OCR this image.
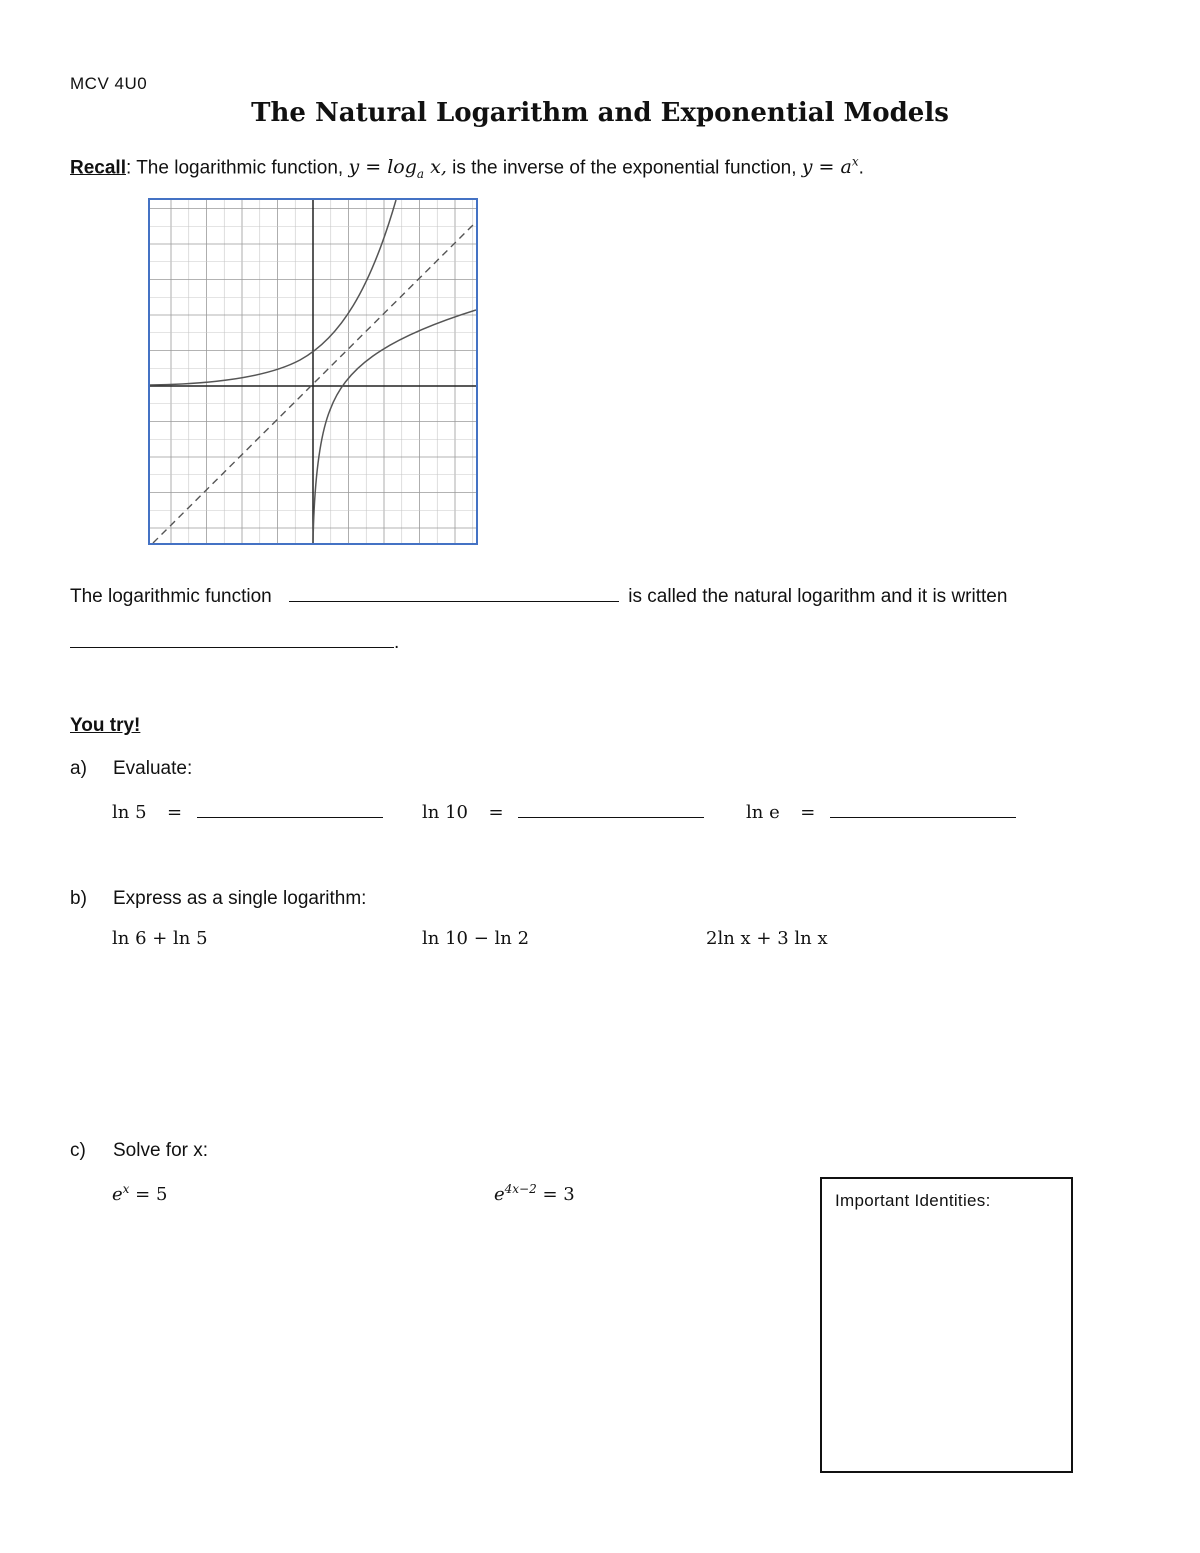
MCV 4U0
The Natural Logarithm and Exponential Models
Recall: The logarithmic function, $y = \log_a x$, is the inverse of the exponential function, $y = a^x$.
The logarithmic function	is called the natural logarithm and it is written
.
You try!
a) Evaluate:
ln 5 =	ln 10 =	ln e =
b) Express as a single logarithm:
ln 6 + ln 5	ln 10 − ln 2	2ln x + 3 ln x
c) Solve for x:
$e^x = 5$	$e^{4x-2} = 3$	Important Identities:
